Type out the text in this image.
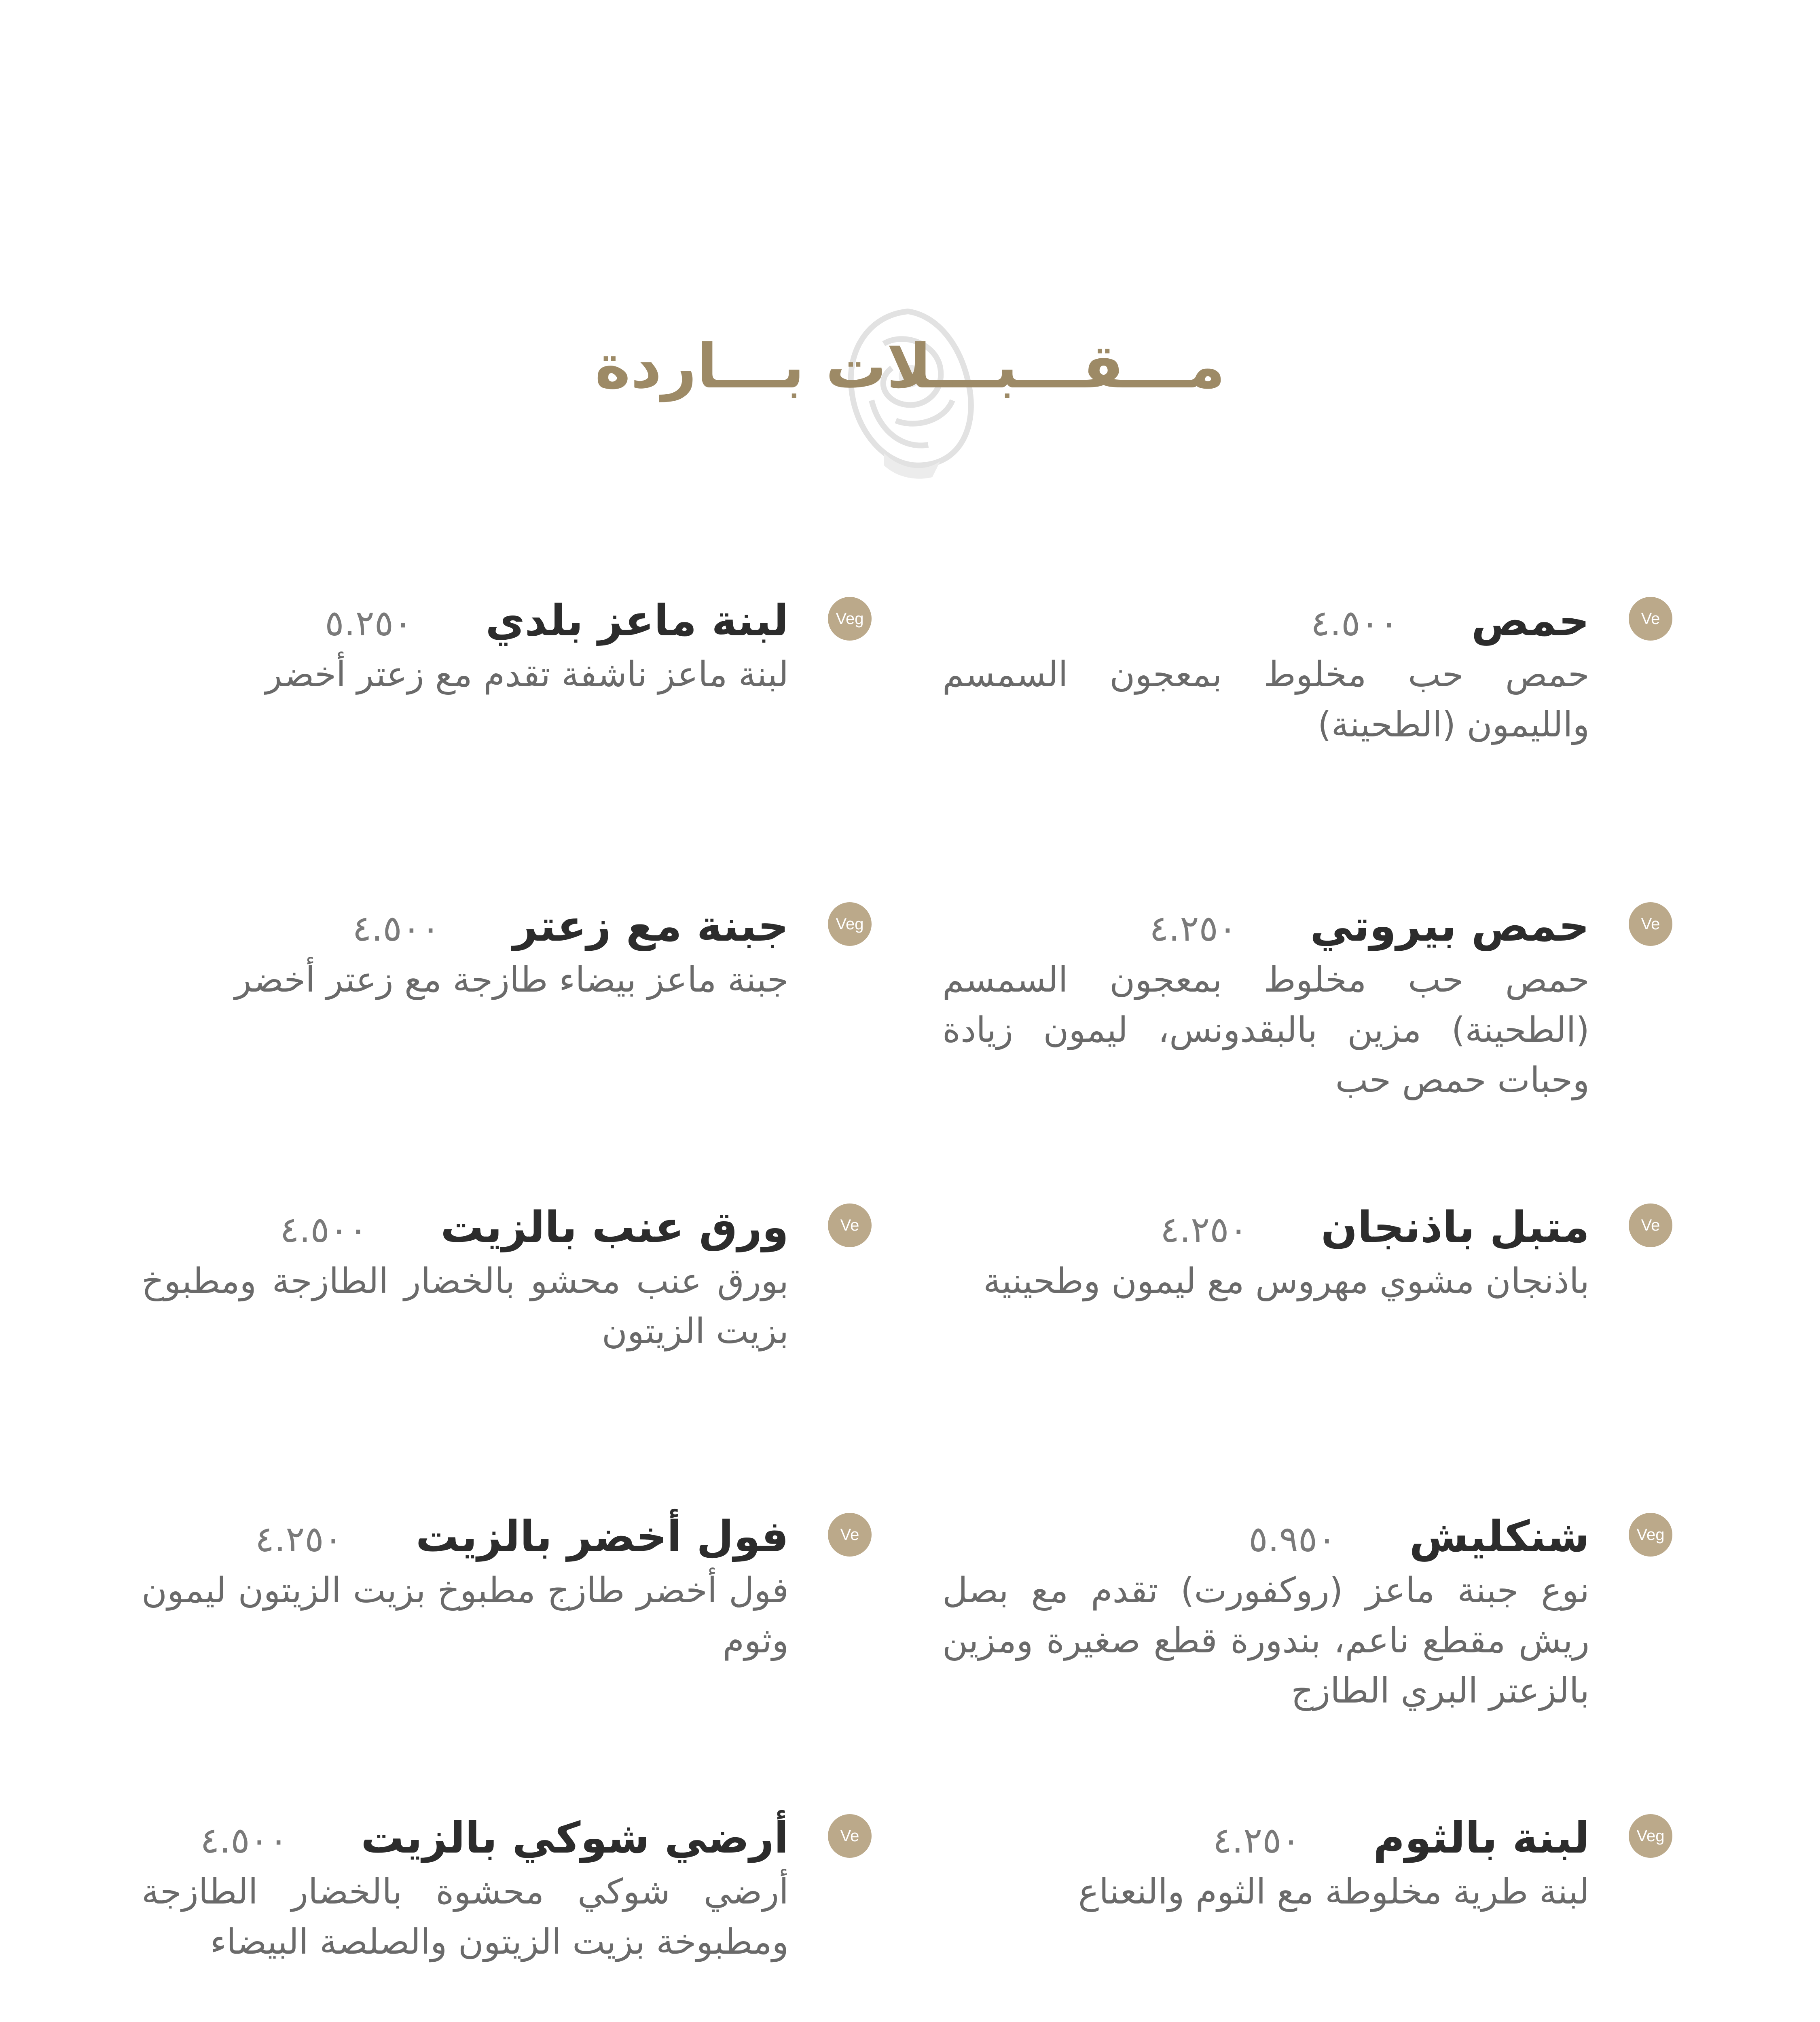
مـــقـــبـــلات بـــاردة
Ve
حمص
٤.٥٠٠
حمص حب مخلوط بمعجون السمسم والليمون (الطحينة)
Ve
حمص بيروتي
٤.٢٥٠
حمص حب مخلوط بمعجون السمسم (الطحينة) مزين بالبقدونس، ليمون زيادة وحبات حمص حب
Ve
متبل باذنجان
٤.٢٥٠
باذنجان مشوي مهروس مع ليمون وطحينية
Veg
شنكليش
٥.٩٥٠
نوع جبنة ماعز (روكفورت) تقدم مع بصل ريش مقطع ناعم، بندورة قطع صغيرة ومزين بالزعتر البري الطازج
Veg
لبنة بالثوم
٤.٢٥٠
لبنة طرية مخلوطة مع الثوم والنعناع
Veg
لبنة ماعز بلدي
٥.٢٥٠
لبنة ماعز ناشفة تقدم مع زعتر أخضر
Veg
جبنة مع زعتر
٤.٥٠٠
جبنة ماعز بيضاء طازجة مع زعتر أخضر
Ve
ورق عنب بالزيت
٤.٥٠٠
بورق عنب محشو بالخضار الطازجة ومطبوخ بزيت الزيتون
Ve
فول أخضر بالزيت
٤.٢٥٠
فول أخضر طازج مطبوخ بزيت الزيتون ليمون وثوم
Ve
أرضي شوكي بالزيت
٤.٥٠٠
أرضي شوكي محشوة بالخضار الطازجة ومطبوخة بزيت الزيتون والصلصة البيضاء
